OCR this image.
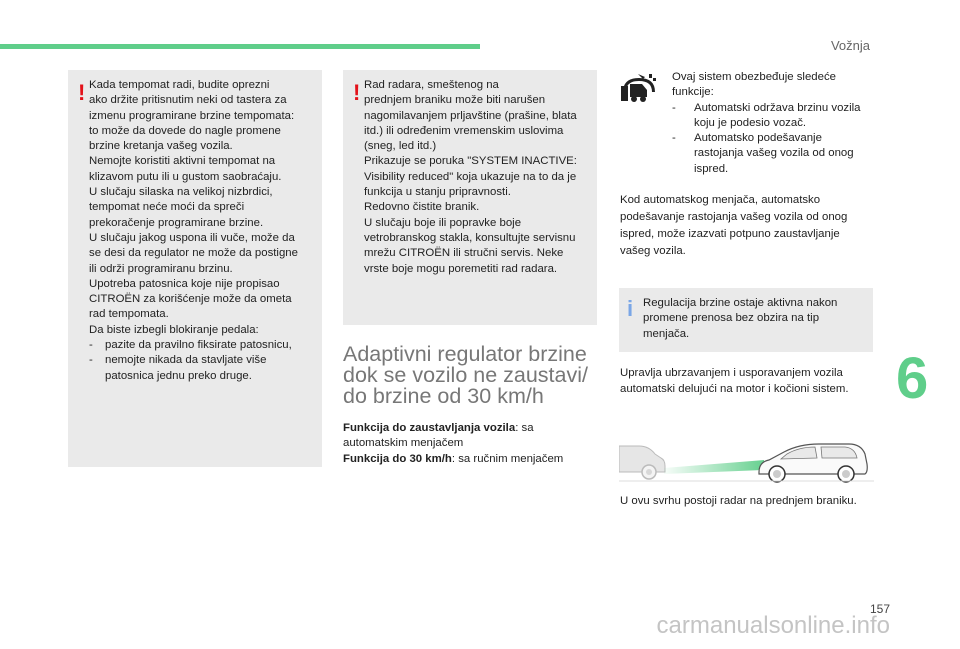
Vožnja
! Kada tempomat radi, budite oprezni

ako držite pritisnutim neki od tastera za

izmenu programirane brzine tempomata:

to može da dovede do nagle promene

brzine kretanja vašeg vozila.

Nemojte koristiti aktivni tempomat na

klizavom putu ili u gustom saobraćaju.

U slučaju silaska na velikoj nizbrdici,

tempomat neće moći da spreči

prekoračenje programirane brzine.

U slučaju jakog uspona ili vuče, može da

se desi da regulator ne može da postigne

ili održi programiranu brzinu.

Upotreba patosnica koje nije propisao

CITROËN za korišćenje može da ometa

rad tempomata.

Da biste izbegli blokiranje pedala:

-	pazite da pravilno fiksirate patosnicu,
-	nemojte nikada da stavljate više patosnica jednu preko druge.
! Rad radara, smeštenog na

prednjem braniku može biti narušen

nagomilavanjem prljavštine (prašine, blata

itd.) ili određenim vremenskim uslovima

(sneg, led itd.)

Prikazuje se poruka "SYSTEM INACTIVE:

Visibility reduced" koja ukazuje na to da je

funkcija u stanju pripravnosti.

Redovno čistite branik.

U slučaju boje ili popravke boje

vetrobranskog stakla, konsultujte servisnu

mrežu CITROËN ili stručni servis. Neke

vrste boje mogu poremetiti rad radara.

Adaptivni regulator brzine
dok se vozilo ne zaustavi/
do brzine od 30 km/h
Funkcija do zaustavljanja vozila: sa
automatskim menjačem
Funkcija do 30 km/h: sa ručnim menjačem

Ovaj sistem obezbeđuje sledeće

funkcije:

-	Automatski održava brzinu vozila koju je podesio vozač.
-	Automatsko podešavanje rastojanja vašeg vozila od onog ispred.

Kod automatskog menjača, automatsko

podešavanje rastojanja vašeg vozila od onog

ispred, može izazvati potpuno zaustavljanje

vašeg vozila.

i Regulacija brzine ostaje aktivna nakon

promene prenosa bez obzira na tip

menjača.

Upravlja ubrzavanjem i usporavanjem vozila

automatski delujući na motor i kočioni sistem.

U ovu svrhu postoji radar na prednjem braniku.
6
157
carmanualsonline.info
